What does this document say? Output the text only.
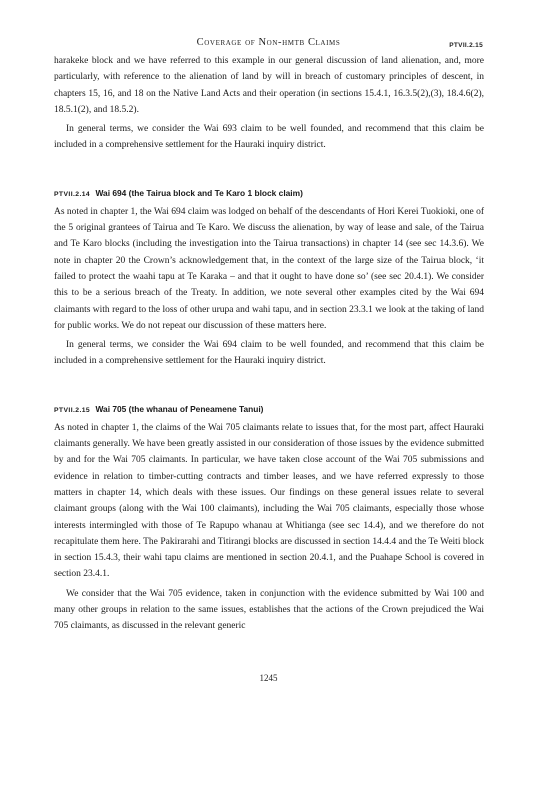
Coverage of Non-hmtb Claims	PTVII.2.15

harakeke block and we have referred to this example in our general discussion of land alienation, and, more particularly, with reference to the alienation of land by will in breach of customary principles of descent, in chapters 15, 16, and 18 on the Native Land Acts and their operation (in sections 15.4.1, 16.3.5(2),(3), 18.4.6(2), 18.5.1(2), and 18.5.2).

In general terms, we consider the Wai 693 claim to be well founded, and recommend that this claim be included in a comprehensive settlement for the Hauraki inquiry district.

PTVII.2.14 Wai 694 (the Tairua block and Te Karo 1 block claim)

As noted in chapter 1, the Wai 694 claim was lodged on behalf of the descendants of Hori Kerei Tuokioki, one of the 5 original grantees of Tairua and Te Karo. We discuss the alienation, by way of lease and sale, of the Tairua and Te Karo blocks (including the investigation into the Tairua transactions) in chapter 14 (see sec 14.3.6). We note in chapter 20 the Crown’s acknowledgement that, in the context of the large size of the Tairua block, ‘it failed to protect the waahi tapu at Te Karaka – and that it ought to have done so’ (see sec 20.4.1). We consider this to be a serious breach of the Treaty. In addition, we note several other examples cited by the Wai 694 claimants with regard to the loss of other urupa and wahi tapu, and in section 23.3.1 we look at the taking of land for public works. We do not repeat our discussion of these matters here.

In general terms, we consider the Wai 694 claim to be well founded, and recommend that this claim be included in a comprehensive settlement for the Hauraki inquiry district.

PTVII.2.15 Wai 705 (the whanau of Peneamene Tanui)

As noted in chapter 1, the claims of the Wai 705 claimants relate to issues that, for the most part, affect Hauraki claimants generally. We have been greatly assisted in our consideration of those issues by the evidence submitted by and for the Wai 705 claimants. In particular, we have taken close account of the Wai 705 submissions and evidence in relation to timber-cutting contracts and timber leases, and we have referred expressly to those matters in chapter 14, which deals with these issues. Our findings on these general issues relate to several claimant groups (along with the Wai 100 claimants), including the Wai 705 claimants, especially those whose interests intermingled with those of Te Rapupo whanau at Whitianga (see sec 14.4), and we therefore do not recapitulate them here. The Pakirarahi and Titirangi blocks are discussed in section 14.4.4 and the Te Weiti block in section 15.4.3, their wahi tapu claims are mentioned in section 20.4.1, and the Puahape School is covered in section 23.4.1.

We consider that the Wai 705 evidence, taken in conjunction with the evidence submitted by Wai 100 and many other groups in relation to the same issues, establishes that the actions of the Crown prejudiced the Wai 705 claimants, as discussed in the relevant generic

1245
